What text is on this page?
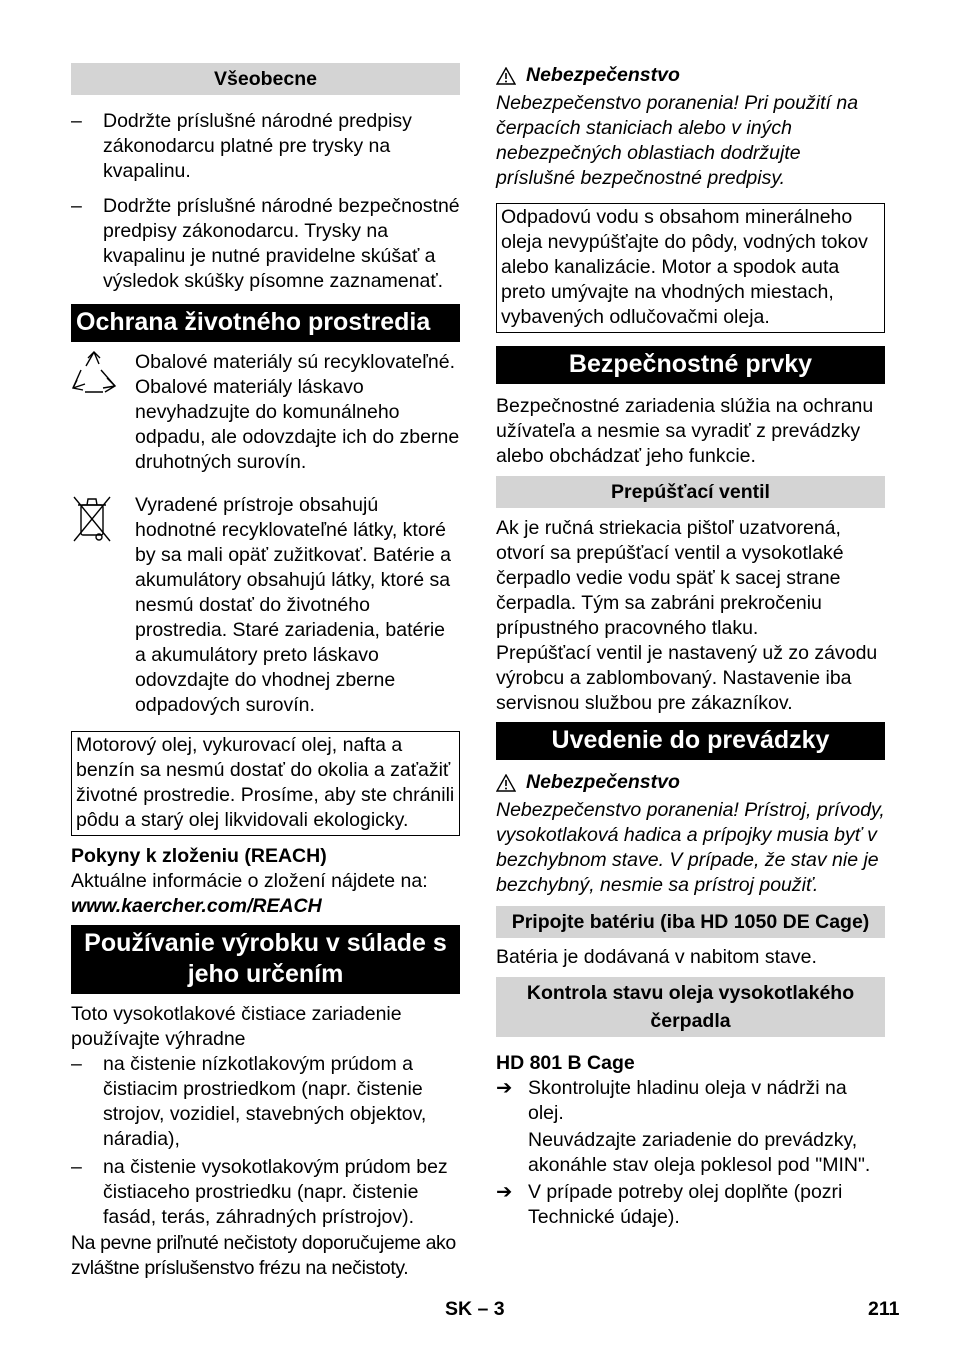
Všeobecne
– Dodržte príslušné národné predpisy zákonodarcu platné pre trysky na kvapalinu.
– Dodržte príslušné národné bezpečnostné predpisy zákonodarcu. Trysky na kvapalinu je nutné pravidelne skúšať a výsledok skúšky písomne zaznamenať.
Ochrana životného prostredia

Obalové materiály sú recyklovateľné. Obalové materiály láskavo nevyhadzujte do komunálneho odpadu, ale odovzdajte ich do zberne druhotných surovín.

Vyradené prístroje obsahujú hodnotné recyklovateľné látky, ktoré by sa mali opäť zužitkovať. Batérie a akumulátory obsahujú látky, ktoré sa nesmú dostať do životného prostredia. Staré zariadenia, batérie a akumulátory preto láskavo odovzdajte do vhodnej zberne odpadových surovín.

Motorový olej, vykurovací olej, nafta a benzín sa nesmú dostať do okolia a zaťažiť životné prostredie. Prosíme, aby ste chránili pôdu a starý olej likvidovali ekologicky.

Pokyny k zloženiu (REACH)

Aktuálne informácie o zložení nájdete na:

www.kaercher.com/REACH

Používanie výrobku v súlade s jeho určením

Toto vysokotlakové čistiace zariadenie používajte výhradne

– na čistenie nízkotlakovým prúdom a čistiacim prostriedkom (napr. čistenie strojov, vozidiel, stavebných objektov, náradia),
– na čistenie vysokotlakovým prúdom bez čistiaceho prostriedku (napr. čistenie fasád, terás, záhradných prístrojov).

Na pevne priľnuté nečistoty doporučujeme ako zvláštne príslušenstvo frézu na nečistoty.

Nebezpečenstvo

Nebezpečenstvo poranenia! Pri použití na čerpacích staniciach alebo v iných nebezpečných oblastiach dodržujte príslušné bezpečnostné predpisy.

Odpadovú vodu s obsahom minerálneho oleja nevypúšťajte do pôdy, vodných tokov alebo kanalizácie. Motor a spodok auta preto umývajte na vhodných miestach, vybavených odlučovačmi oleja.
Bezpečnostné prvky

Bezpečnostné zariadenia slúžia na ochranu užívateľa a nesmie sa vyradiť z prevádzky alebo obchádzať jeho funkcie.

Prepúšťací ventil

Ak je ručná striekacia pištoľ uzatvorená, otvorí sa prepúšťací ventil a vysokotlaké čerpadlo vedie vodu späť k sacej strane čerpadla. Tým sa zabráni prekročeniu prípustného pracovného tlaku.

Prepúšťací ventil je nastavený už zo závodu výrobcu a zablombovaný. Nastavenie iba servisnou službou pre zákazníkov.

Uvedenie do prevádzky
Nebezpečenstvo

Nebezpečenstvo poranenia! Prístroj, prívody, vysokotlaková hadica a prípojky musia byť v bezchybnom stave. V prípade, že stav nie je bezchybný, nesmie sa prístroj použiť.

Pripojte batériu (iba HD 1050 DE Cage)

Batéria je dodávaná v nabitom stave.

Kontrola stavu oleja vysokotlakého čerpadla

HD 801 B Cage

➔ Skontrolujte hladinu oleja v nádrži na olej.

Neuvádzajte zariadenie do prevádzky, akonáhle stav oleja poklesol pod "MIN".

➔ V prípade potreby olej doplňte (pozri Technické údaje).
SK – 3	211
